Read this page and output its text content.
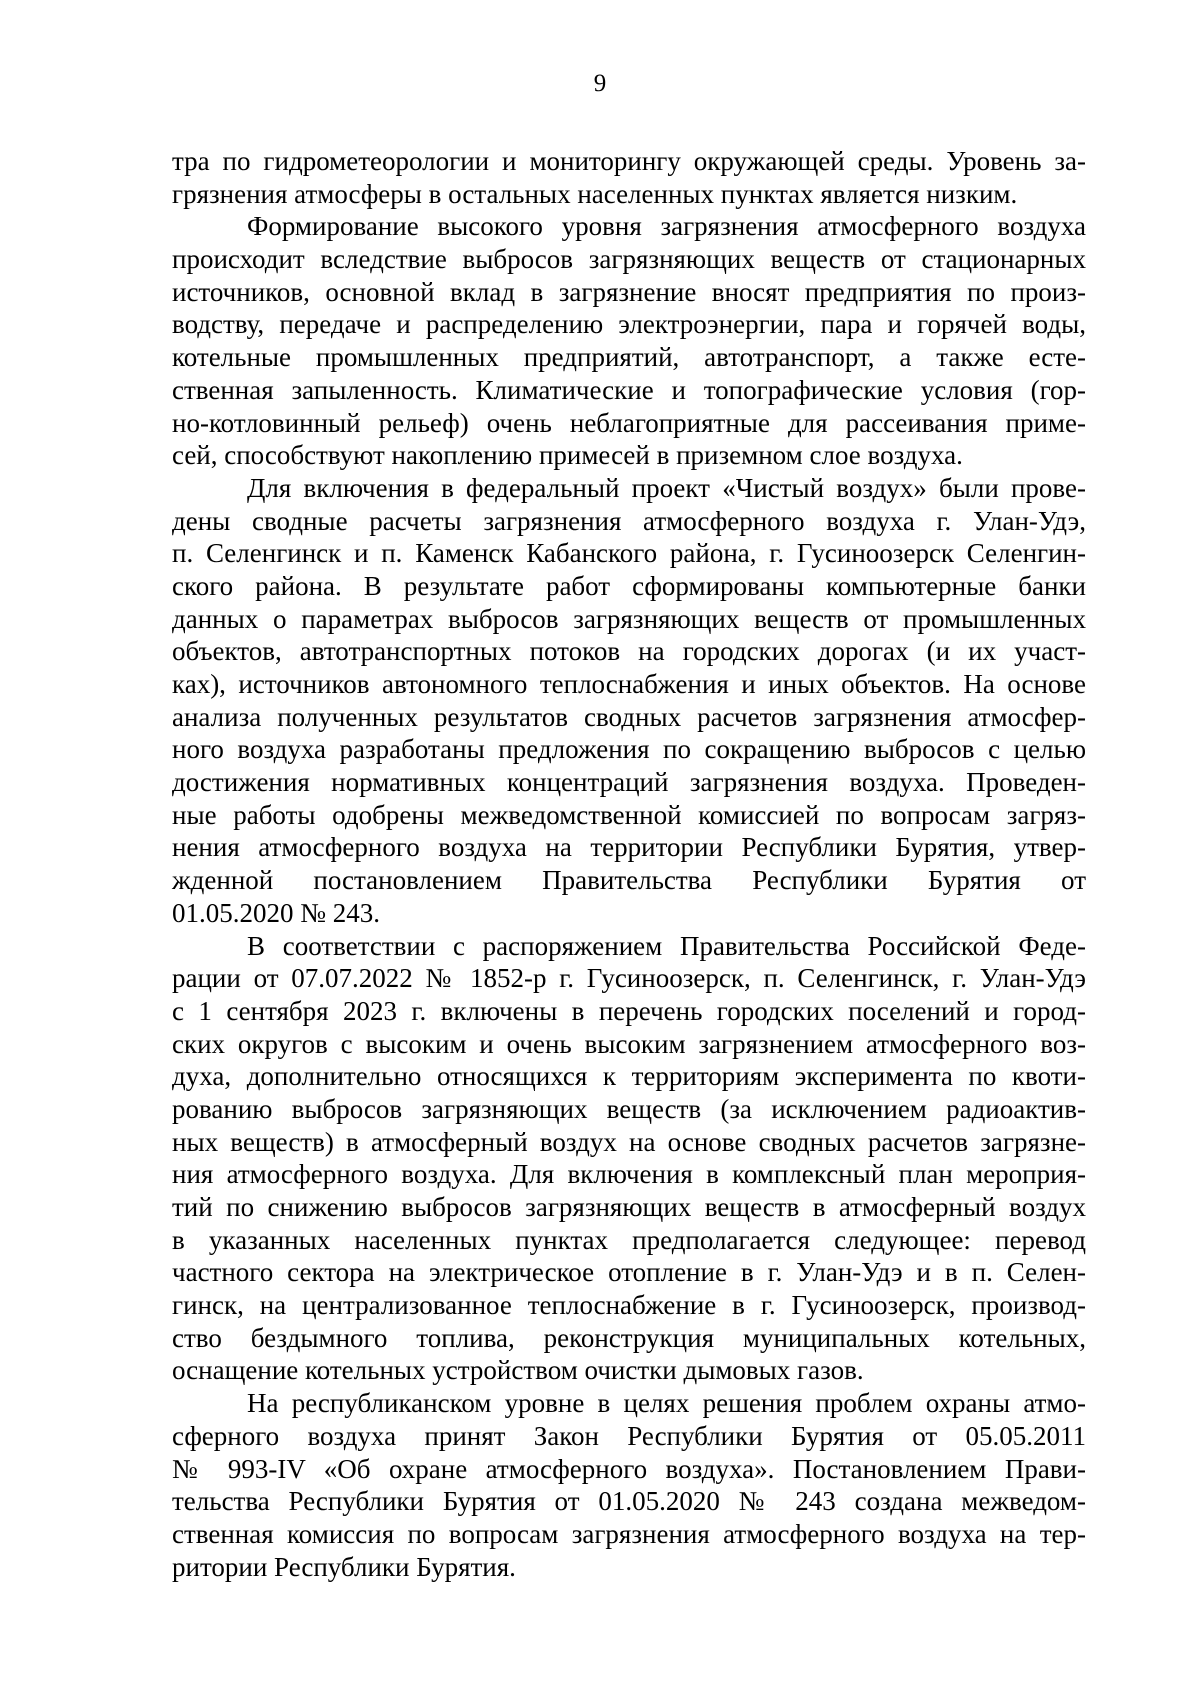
9
тра по гидрометеорологии и мониторингу окружающей среды. Уровень за-
грязнения атмосферы в остальных населенных пунктах является низким.
Формирование высокого уровня загрязнения атмосферного воздуха
происходит вследствие выбросов загрязняющих веществ от стационарных
источников, основной вклад в загрязнение вносят предприятия по произ-
водству, передаче и распределению электроэнергии, пара и горячей воды,
котельные промышленных предприятий, автотранспорт, а также есте-
ственная запыленность. Климатические и топографические условия (гор-
но-котловинный рельеф) очень неблагоприятные для рассеивания приме-
сей, способствуют накоплению примесей в приземном слое воздуха.
Для включения в федеральный проект «Чистый воздух» были прове-
дены сводные расчеты загрязнения атмосферного воздуха г. Улан-Удэ,
п. Селенгинск и п. Каменск Кабанского района, г. Гусиноозерск Селенгин-
ского района. В результате работ сформированы компьютерные банки
данных о параметрах выбросов загрязняющих веществ от промышленных
объектов, автотранспортных потоков на городских дорогах (и их участ-
ках), источников автономного теплоснабжения и иных объектов. На основе
анализа полученных результатов сводных расчетов загрязнения атмосфер-
ного воздуха разработаны предложения по сокращению выбросов с целью
достижения нормативных концентраций загрязнения воздуха. Проведен-
ные работы одобрены межведомственной комиссией по вопросам загряз-
нения атмосферного воздуха на территории Республики Бурятия, утвер-
жденной постановлением Правительства Республики Бурятия от
01.05.2020 № 243.
В соответствии с распоряжением Правительства Российской Феде-
рации от 07.07.2022 № 1852-р г. Гусиноозерск, п. Селенгинск, г. Улан-Удэ
с 1 сентября 2023 г. включены в перечень городских поселений и город-
ских округов с высоким и очень высоким загрязнением атмосферного воз-
духа, дополнительно относящихся к территориям эксперимента по квоти-
рованию выбросов загрязняющих веществ (за исключением радиоактив-
ных веществ) в атмосферный воздух на основе сводных расчетов загрязне-
ния атмосферного воздуха. Для включения в комплексный план мероприя-
тий по снижению выбросов загрязняющих веществ в атмосферный воздух
в указанных населенных пунктах предполагается следующее: перевод
частного сектора на электрическое отопление в г. Улан-Удэ и в п. Селен-
гинск, на централизованное теплоснабжение в г. Гусиноозерск, производ-
ство бездымного топлива, реконструкция муниципальных котельных,
оснащение котельных устройством очистки дымовых газов.
На республиканском уровне в целях решения проблем охраны атмо-
сферного воздуха принят Закон Республики Бурятия от 05.05.2011
№ 993-IV «Об охране атмосферного воздуха». Постановлением Прави-
тельства Республики Бурятия от 01.05.2020 № 243 создана межведом-
ственная комиссия по вопросам загрязнения атмосферного воздуха на тер-
ритории Республики Бурятия.
